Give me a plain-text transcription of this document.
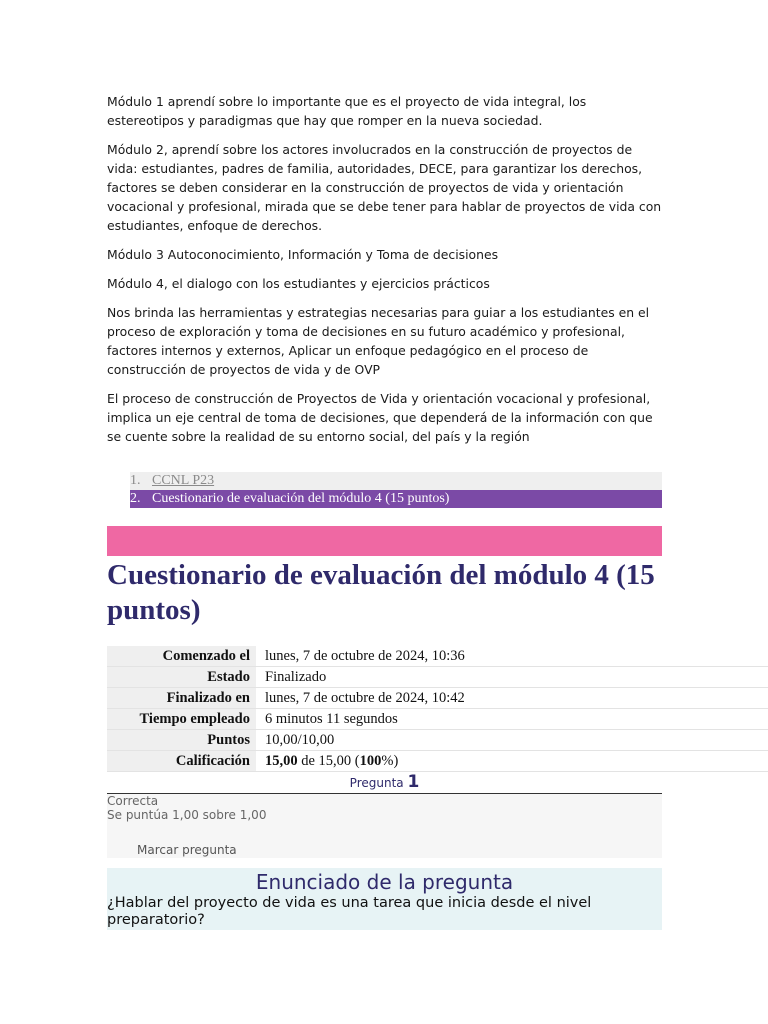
Módulo 1 aprendí sobre lo importante que es el proyecto de vida integral, los estereotipos y paradigmas que hay que romper en la nueva sociedad.

Módulo 2, aprendí sobre los actores involucrados en la construcción de proyectos de vida: estudiantes, padres de familia, autoridades, DECE, para garantizar los derechos, factores se deben considerar en la construcción de proyectos de vida y orientación vocacional y profesional, mirada que se debe tener para hablar de proyectos de vida con estudiantes, enfoque de derechos.

Módulo 3 Autoconocimiento, Información y Toma de decisiones

Módulo 4, el dialogo con los estudiantes y ejercicios prácticos

Nos brinda las herramientas y estrategias necesarias para guiar a los estudiantes en el proceso de exploración y toma de decisiones en su futuro académico y profesional, factores internos y externos, Aplicar un enfoque pedagógico en el proceso de construcción de proyectos de vida y de OVP

El proceso de construcción de Proyectos de Vida y orientación vocacional y profesional, implica un eje central de toma de decisiones, que dependerá de la información con que se cuente sobre la realidad de su entorno social, del país y la región

1. CCNL P23
2. Cuestionario de evaluación del módulo 4 (15 puntos)
Cuestionario de evaluación del módulo 4 (15 puntos)
Comenzado el	lunes, 7 de octubre de 2024, 10:36
Estado	Finalizado
Finalizado en	lunes, 7 de octubre de 2024, 10:42
Tiempo empleado	6 minutos 11 segundos
Puntos	10,00/10,00
Calificación	15,00 de 15,00 (100%)
Pregunta 1
Correcta
Se puntúa 1,00 sobre 1,00
Marcar pregunta
Enunciado de la pregunta
¿Hablar del proyecto de vida es una tarea que inicia desde el nivel preparatorio?
